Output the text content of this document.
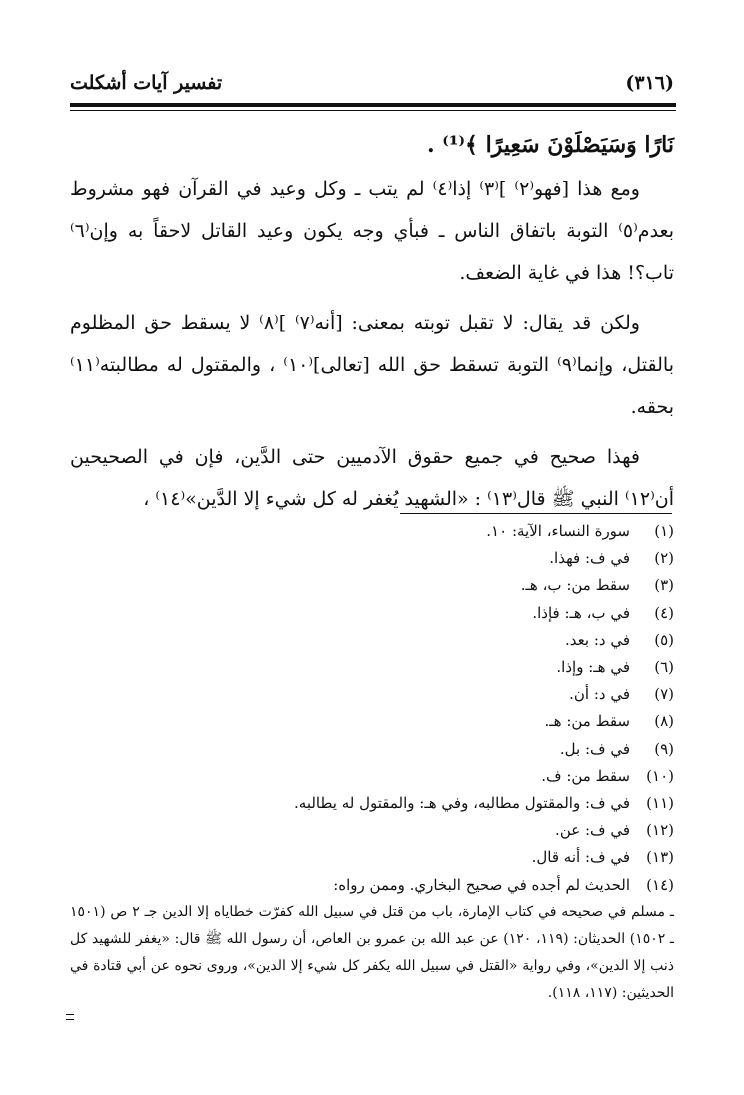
تفسير آيات أشكلت	(٣١٦)

نَارًا وَسَيَصْلَوْنَ سَعِيرًا ﴾⁽¹⁾ .

ومع هذا [فهو⁽٢⁾ ]⁽٣⁾ إذا⁽٤⁾ لم يتب ـ وكل وعيد في القرآن فهو مشروط بعدم⁽٥⁾ التوبة باتفاق الناس ـ فبأي وجه يكون وعيد القاتل لاحقاً به وإن⁽٦⁾ تاب؟! هذا في غاية الضعف.

ولكن قد يقال: لا تقبل توبته بمعنى: [أنه⁽٧⁾ ]⁽٨⁾ لا يسقط حق المظلوم بالقتل، وإنما⁽٩⁾ التوبة تسقط حق الله [تعالى]⁽١٠⁾ ، والمقتول له مطالبته⁽١١⁾ بحقه.

فهذا صحيح في جميع حقوق الآدميين حتى الدَّين، فإن في الصحيحين أن⁽١٢⁾ النبي ﷺ قال⁽١٣⁾ : «الشهيد يُغفر له كل شيء إلا الدَّين»⁽١٤⁾ ،

(١)
سورة النساء، الآية: ١٠.
(٢)
في ف: فهذا.
(٣)
سقط من: ب، هـ.
(٤)
في ب، هـ: فإذا.
(٥)
في د: بعد.
(٦)
في هـ: وإذا.
(٧)
في د: أن.
(٨)
سقط من: هـ.
(٩)
في ف: بل.
(١٠)
سقط من: ف.
(١١)
في ف: والمقتول مطالبه، وفي هـ: والمقتول له يطالبه.
(١٢)
في ف: عن.
(١٣)
في ف: أنه قال.
(١٤)
الحديث لم أجده في صحيح البخاري. وممن رواه:
ـ مسلم في صحيحه في كتاب الإمارة، باب من قتل في سبيل الله كفرّت خطاياه إلا الدين جـ ٢ ص (١٥٠١ ـ ١٥٠٢) الحديثان: (١١٩، ١٢٠) عن عبد الله بن عمرو بن العاص، أن رسول الله ﷺ قال: «يغفر للشهيد كل ذنب إلا الدين»، وفي رواية «القتل في سبيل الله يكفر كل شيء إلا الدين»، وروى نحوه عن أبي قتادة في الحديثين: (١١٧، ١١٨).
